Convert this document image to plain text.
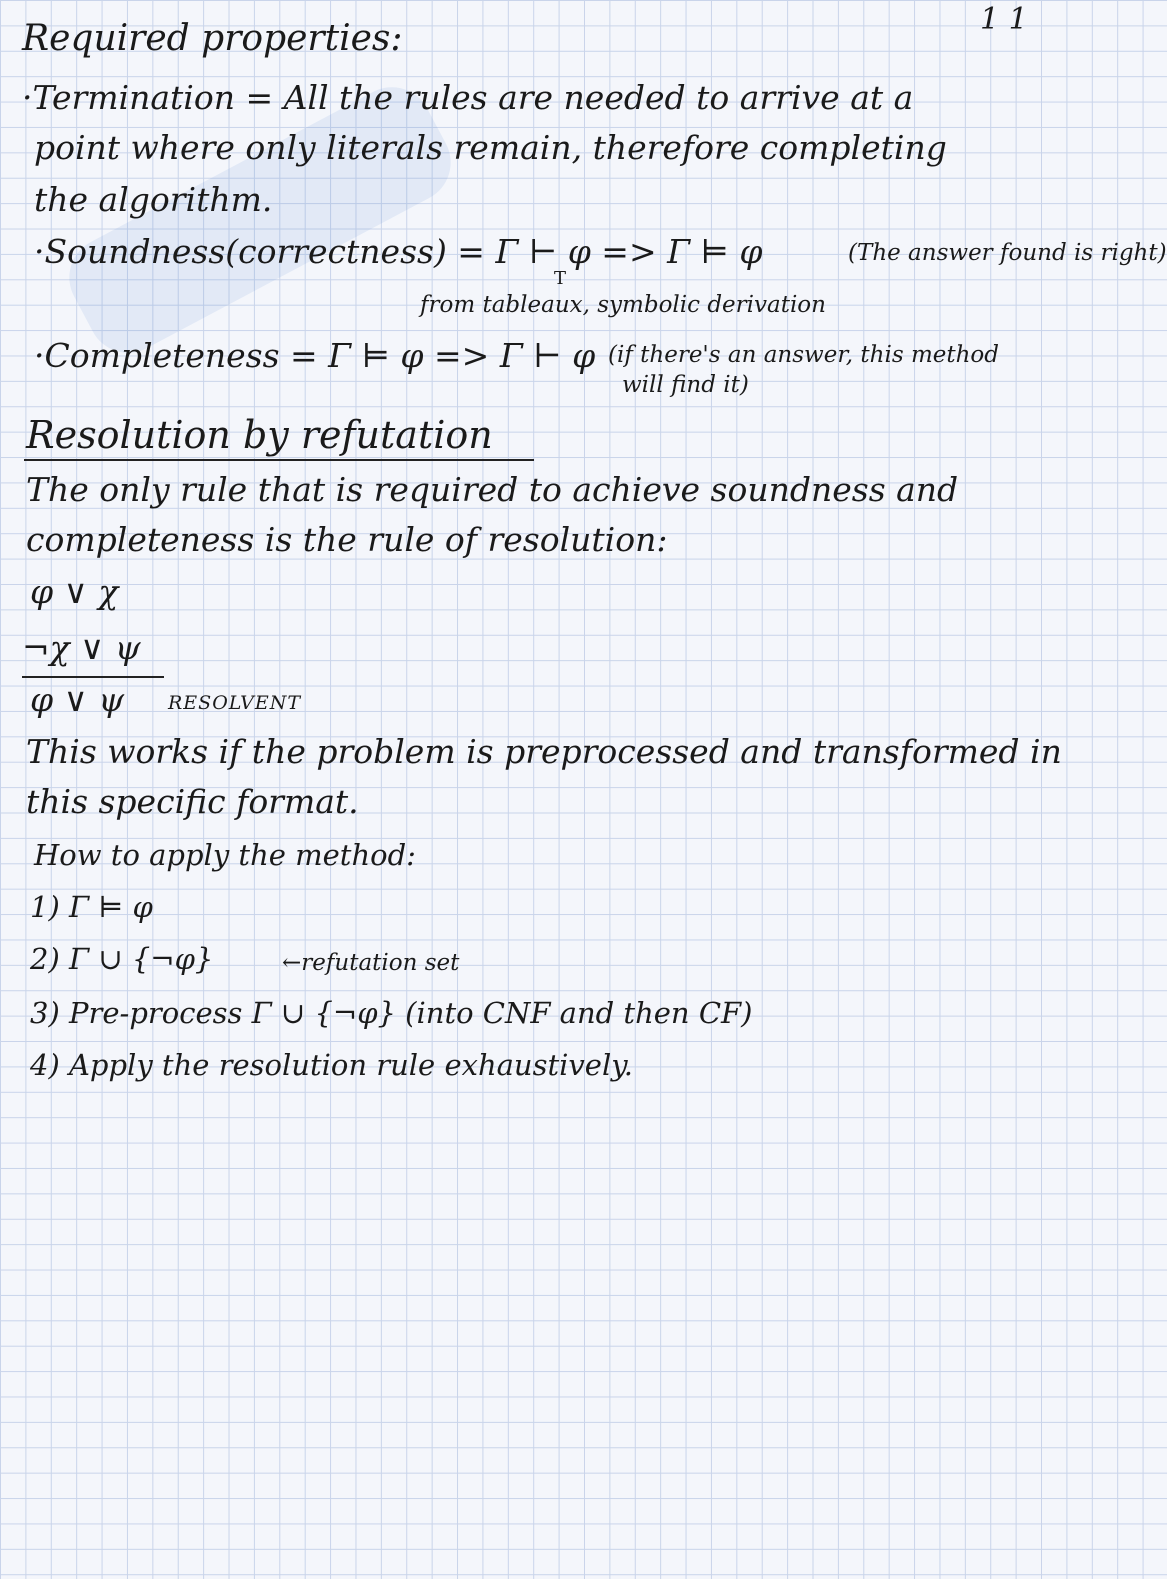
1 1
Required properties:
·Termination = All the rules are needed to arrive at a
point where only literals remain, therefore completing
the algorithm.
·Soundness(correctness) = Γ ⊢ φ => Γ ⊨ φ	(The answer found is right)
T
from tableaux, symbolic derivation
·Completeness = Γ ⊨ φ => Γ ⊢ φ (if there's an answer, this method
will find it)
Resolution by refutation
The only rule that is required to achieve soundness and
completeness is the rule of resolution:
φ ∨ χ
¬χ ∨ ψ
φ ∨ ψ RESOLVENT
This works if the problem is preprocessed and transformed in
this specific format.
How to apply the method:
1) Γ ⊨ φ
2) Γ ∪ {¬φ}	←refutation set
3) Pre-process Γ ∪ {¬φ} (into CNF and then CF)
4) Apply the resolution rule exhaustively.
